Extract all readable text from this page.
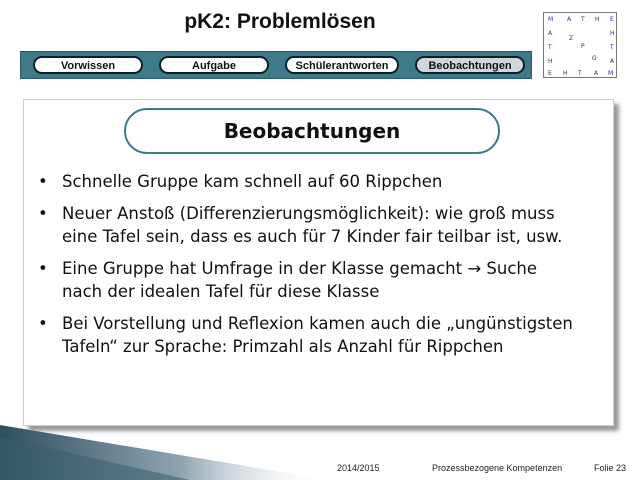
pK2: Problemlösen
Vorwissen	Aufgabe	Schülerantworten	Beobachtungen
M A T H E
A	H
Z
T	P	T
H	G A
E H T A M
Beobachtungen
• Schnelle Gruppe kam schnell auf 60 Rippchen
• Neuer Anstoß (Differenzierungsmöglichkeit): wie groß muss
eine Tafel sein, dass es auch für 7 Kinder fair teilbar ist, usw.
• Eine Gruppe hat Umfrage in der Klasse gemacht → Suche
nach der idealen Tafel für diese Klasse
• Bei Vorstellung und Reflexion kamen auch die „ungünstigsten
Tafeln“ zur Sprache: Primzahl als Anzahl für Rippchen
2014/2015	Prozessbezogene Kompetenzen	Folie 23
